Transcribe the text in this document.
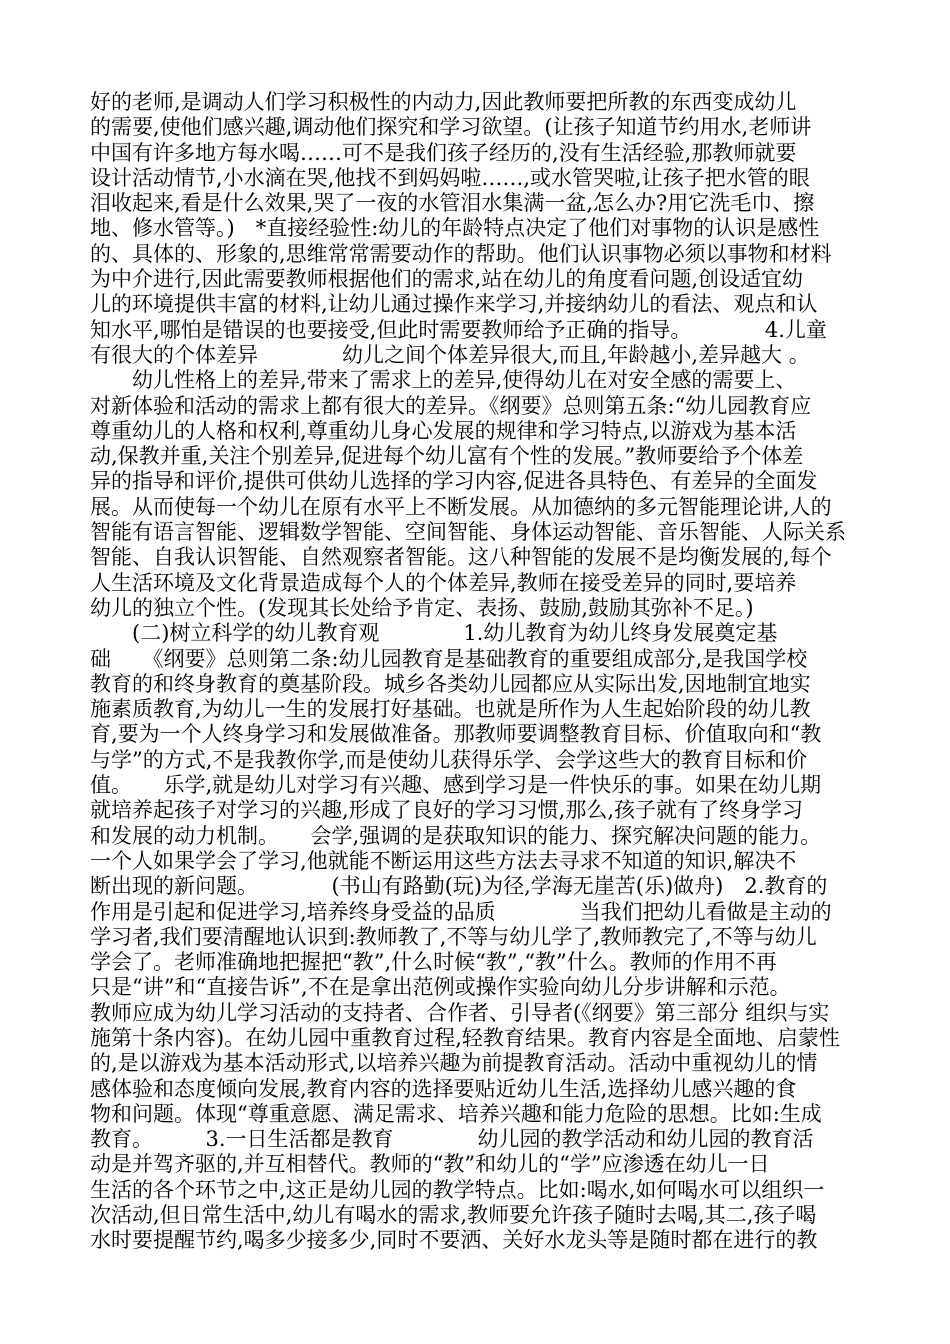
好的老师,是调动人们学习积极性的内动力,因此教师要把所教的东西变成幼儿
的需要,使他们感兴趣,调动他们探究和学习欲望。(让孩子知道节约用水,老师讲
中国有许多地方每水喝……可不是我们孩子经历的,没有生活经验,那教师就要
设计活动情节,小水滴在哭,他找不到妈妈啦……,或水管哭啦,让孩子把水管的眼
泪收起来,看是什么效果,哭了一夜的水管泪水集满一盆,怎么办?用它洗毛巾、擦
地、修水管等。)　*直接经验性:幼儿的年龄特点决定了他们对事物的认识是感性
的、具体的、形象的,思维常常需要动作的帮助。他们认识事物必须以事物和材料
为中介进行,因此需要教师根据他们的需求,站在幼儿的角度看问题,创设适宜幼
儿的环境提供丰富的材料,让幼儿通过操作来学习,并接纳幼儿的看法、观点和认
知水平,哪怕是错误的也要接受,但此时需要教师给予正确的指导。　　　　4.儿童
有很大的个体差异　　　　幼儿之间个体差异很大,而且,年龄越小,差异越大 。
　　幼儿性格上的差异,带来了需求上的差异,使得幼儿在对安全感的需要上、
对新体验和活动的需求上都有很大的差异。《纲要》总则第五条:“幼儿园教育应
尊重幼儿的人格和权利,尊重幼儿身心发展的规律和学习特点,以游戏为基本活
动,保教并重,关注个别差异,促进每个幼儿富有个性的发展。”教师要给予个体差
异的指导和评价,提供可供幼儿选择的学习内容,促进各具特色、有差异的全面发
展。从而使每一个幼儿在原有水平上不断发展。从加德纳的多元智能理论讲,人的
智能有语言智能、逻辑数学智能、空间智能、身体运动智能、音乐智能、人际关系
智能、自我认识智能、自然观察者智能。这八种智能的发展不是均衡发展的,每个
人生活环境及文化背景造成每个人的个体差异,教师在接受差异的同时,要培养
幼儿的独立个性。(发现其长处给予肯定、表扬、鼓励,鼓励其弥补不足。)
　　(二)树立科学的幼儿教育观　　　　1.幼儿教育为幼儿终身发展奠定基
础　　《纲要》总则第二条:幼儿园教育是基础教育的重要组成部分,是我国学校
教育的和终身教育的奠基阶段。城乡各类幼儿园都应从实际出发,因地制宜地实
施素质教育,为幼儿一生的发展打好基础。也就是所作为人生起始阶段的幼儿教
育,要为一个人终身学习和发展做准备。那教师要调整教育目标、价值取向和“教
与学”的方式,不是我教你学,而是使幼儿获得乐学、会学这些大的教育目标和价
值。　　乐学,就是幼儿对学习有兴趣、感到学习是一件快乐的事。如果在幼儿期
就培养起孩子对学习的兴趣,形成了良好的学习习惯,那么,孩子就有了终身学习
和发展的动力机制。　　会学,强调的是获取知识的能力、探究解决问题的能力。
一个人如果学会了学习,他就能不断运用这些方法去寻求不知道的知识,解决不
断出现的新问题。　　　　(书山有路勤(玩)为径,学海无崖苦(乐)做舟)　2.教育的
作用是引起和促进学习,培养终身受益的品质　　　　当我们把幼儿看做是主动的
学习者,我们要清醒地认识到:教师教了,不等与幼儿学了,教师教完了,不等与幼儿
学会了。老师准确地把握把“教”,什么时候“教”,“教”什么。教师的作用不再
只是“讲”和“直接告诉”,不在是拿出范例或操作实验向幼儿分步讲解和示范。
教师应成为幼儿学习活动的支持者、合作者、引导者(《纲要》第三部分 组织与实
施第十条内容)。在幼儿园中重教育过程,轻教育结果。教育内容是全面地、启蒙性
的,是以游戏为基本活动形式,以培养兴趣为前提教育活动。活动中重视幼儿的情
感体验和态度倾向发展,教育内容的选择要贴近幼儿生活,选择幼儿感兴趣的食
物和问题。体现“尊重意愿、满足需求、培养兴趣和能力危险的思想。比如:生成
教育。　　　3.一日生活都是教育　　　　幼儿园的教学活动和幼儿园的教育活
动是并驾齐驱的,并互相替代。教师的“教”和幼儿的“学”应渗透在幼儿一日
生活的各个环节之中,这正是幼儿园的教学特点。比如:喝水,如何喝水可以组织一
次活动,但日常生活中,幼儿有喝水的需求,教师要允许孩子随时去喝,其二,孩子喝
水时要提醒节约,喝多少接多少,同时不要洒、关好水龙头等是随时都在进行的教
